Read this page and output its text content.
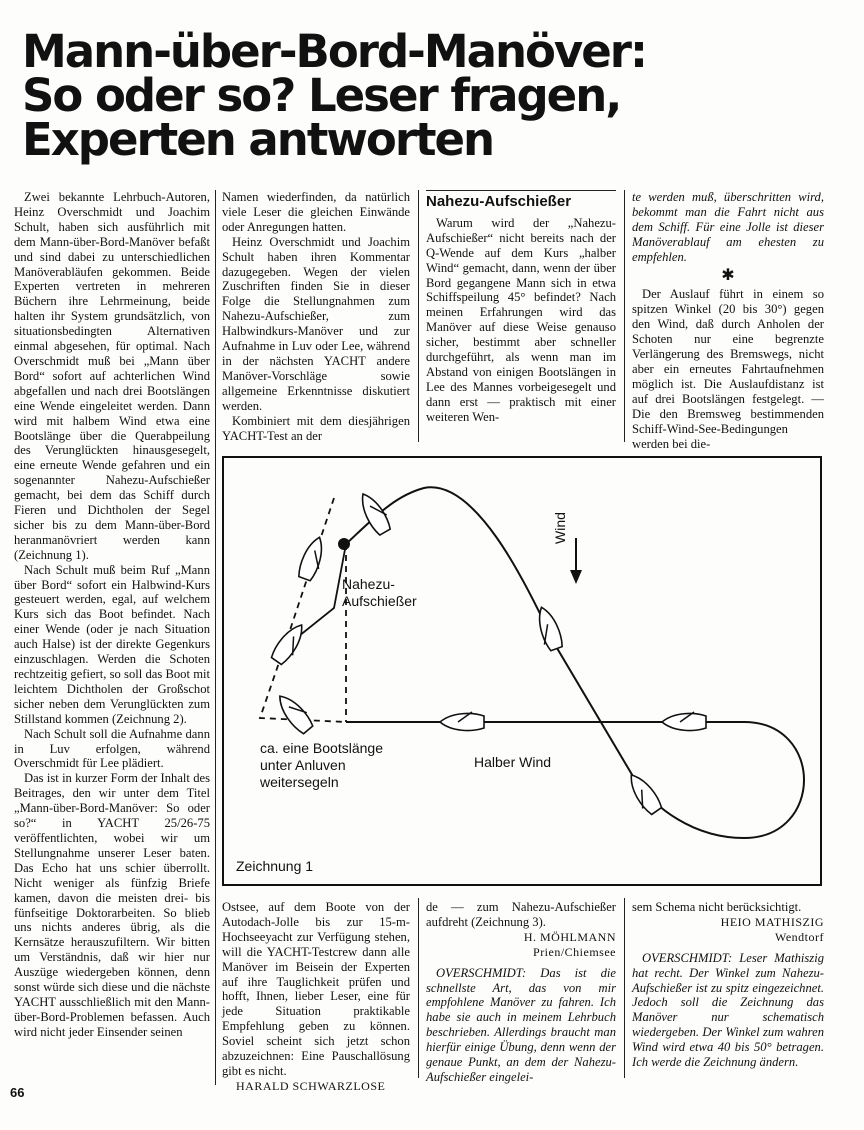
Mann-über-Bord-Manöver:
So oder so? Leser fragen,
Experten antworten

Zwei bekannte Lehrbuch-Autoren, Heinz Overschmidt und Joachim Schult, haben sich ausführlich mit dem Mann-über-Bord-Manöver befaßt und sind dabei zu unterschiedlichen Manöverabläufen gekommen. Beide Experten vertreten in mehreren Büchern ihre Lehrmeinung, beide halten ihr System grundsätzlich, von situationsbedingten Alternativen einmal abgesehen, für optimal. Nach Overschmidt muß bei „Mann über Bord“ sofort auf achterlichen Wind abgefallen und nach drei Bootslängen eine Wende eingeleitet werden. Dann wird mit halbem Wind etwa eine Bootslänge über die Querabpeilung des Verunglückten hinausgesegelt, eine erneute Wende gefahren und ein sogenannter Nahezu-Aufschießer gemacht, bei dem das Schiff durch Fieren und Dichtholen der Segel sicher bis zu dem Mann-über-Bord heranmanövriert werden kann (Zeichnung 1).

Nach Schult muß beim Ruf „Mann über Bord“ sofort ein Halbwind-Kurs gesteuert werden, egal, auf welchem Kurs sich das Boot befindet. Nach einer Wende (oder je nach Situation auch Halse) ist der direkte Gegenkurs einzuschlagen. Werden die Schoten rechtzeitig gefiert, so soll das Boot mit leichtem Dichtholen der Großschot sicher neben dem Verunglückten zum Stillstand kommen (Zeichnung 2).

Nach Schult soll die Aufnahme dann in Luv erfolgen, während Overschmidt für Lee plädiert.

Das ist in kurzer Form der Inhalt des Beitrages, den wir unter dem Titel „Mann-über-Bord-Manöver: So oder so?“ in YACHT 25/26-75 veröffentlichten, wobei wir um Stellungnahme unserer Leser baten. Das Echo hat uns schier überrollt. Nicht weniger als fünfzig Briefe kamen, davon die meisten drei- bis fünfseitige Doktorarbeiten. So blieb uns nichts anderes übrig, als die Kernsätze herauszufiltern. Wir bitten um Verständnis, daß wir hier nur Auszüge wiedergeben können, denn sonst würde sich diese und die nächste YACHT ausschließlich mit den Mann-über-Bord-Problemen befassen. Auch wird nicht jeder Einsender seinen

Namen wiederfinden, da natürlich viele Leser die gleichen Einwände oder Anregungen hatten.

Heinz Overschmidt und Joachim Schult haben ihren Kommentar dazugegeben. Wegen der vielen Zuschriften finden Sie in dieser Folge die Stellungnahmen zum Nahezu-Aufschießer, zum Halbwindkurs-Manöver und zur Aufnahme in Luv oder Lee, während in der nächsten YACHT andere Manöver-Vorschläge sowie allgemeine Erkenntnisse diskutiert werden.

Kombiniert mit dem diesjährigen YACHT-Test an der

Nahezu-Aufschießer

Warum wird der „Nahezu-Aufschießer“ nicht bereits nach der Q-Wende auf dem Kurs „halber Wind“ gemacht, dann, wenn der über Bord gegangene Mann sich in etwa Schiffspeilung 45° befindet? Nach meinen Erfahrungen wird das Manöver auf diese Weise genauso sicher, bestimmt aber schneller durchgeführt, als wenn man im Abstand von einigen Bootslängen in Lee des Mannes vorbeigesegelt und dann erst — praktisch mit einer weiteren Wen-

te werden muß, überschritten wird, bekommt man die Fahrt nicht aus dem Schiff. Für eine Jolle ist dieser Manöverablauf am ehesten zu empfehlen.

✱

Der Auslauf führt in einem so spitzen Winkel (20 bis 30°) gegen den Wind, daß durch Anholen der Schoten nur eine begrenzte Verlängerung des Bremswegs, nicht aber ein erneutes Fahrtaufnehmen möglich ist. Die Auslaufdistanz ist auf drei Bootslängen festgelegt. — Die den Bremsweg bestimmenden Schiff-Wind-See-Bedingungen werden bei die-

Wind
Nahezu-
Aufschießer
ca. eine Bootslänge
unter Anluven
weitersegeln
Halber Wind
Zeichnung 1

Ostsee, auf dem Boote von der Autodach-Jolle bis zur 15-m-Hochseeyacht zur Verfügung stehen, will die YACHT-Testcrew dann alle Manöver im Beisein der Experten auf ihre Tauglichkeit prüfen und hofft, Ihnen, lieber Leser, eine für jede Situation praktikable Empfehlung geben zu können. Soviel scheint sich jetzt schon abzuzeichnen: Eine Pauschallösung gibt es nicht.

HARALD SCHWARZLOSE

de — zum Nahezu-Aufschießer aufdreht (Zeichnung 3).

H. MÖHLMANN
Prien/Chiemsee

OVERSCHMIDT: Das ist die schnellste Art, das von mir empfohlene Manöver zu fahren. Ich habe sie auch in meinem Lehrbuch beschrieben. Allerdings braucht man hierfür einige Übung, denn wenn der genaue Punkt, an dem der Nahezu-Aufschießer eingelei-

sem Schema nicht berücksichtigt.

HEIO MATHISZIG
Wendtorf

OVERSCHMIDT: Leser Mathiszig hat recht. Der Winkel zum Nahezu-Aufschießer ist zu spitz eingezeichnet. Jedoch soll die Zeichnung das Manöver nur schematisch wiedergeben. Der Winkel zum wahren Wind wird etwa 40 bis 50° betragen. Ich werde die Zeichnung ändern.

66
